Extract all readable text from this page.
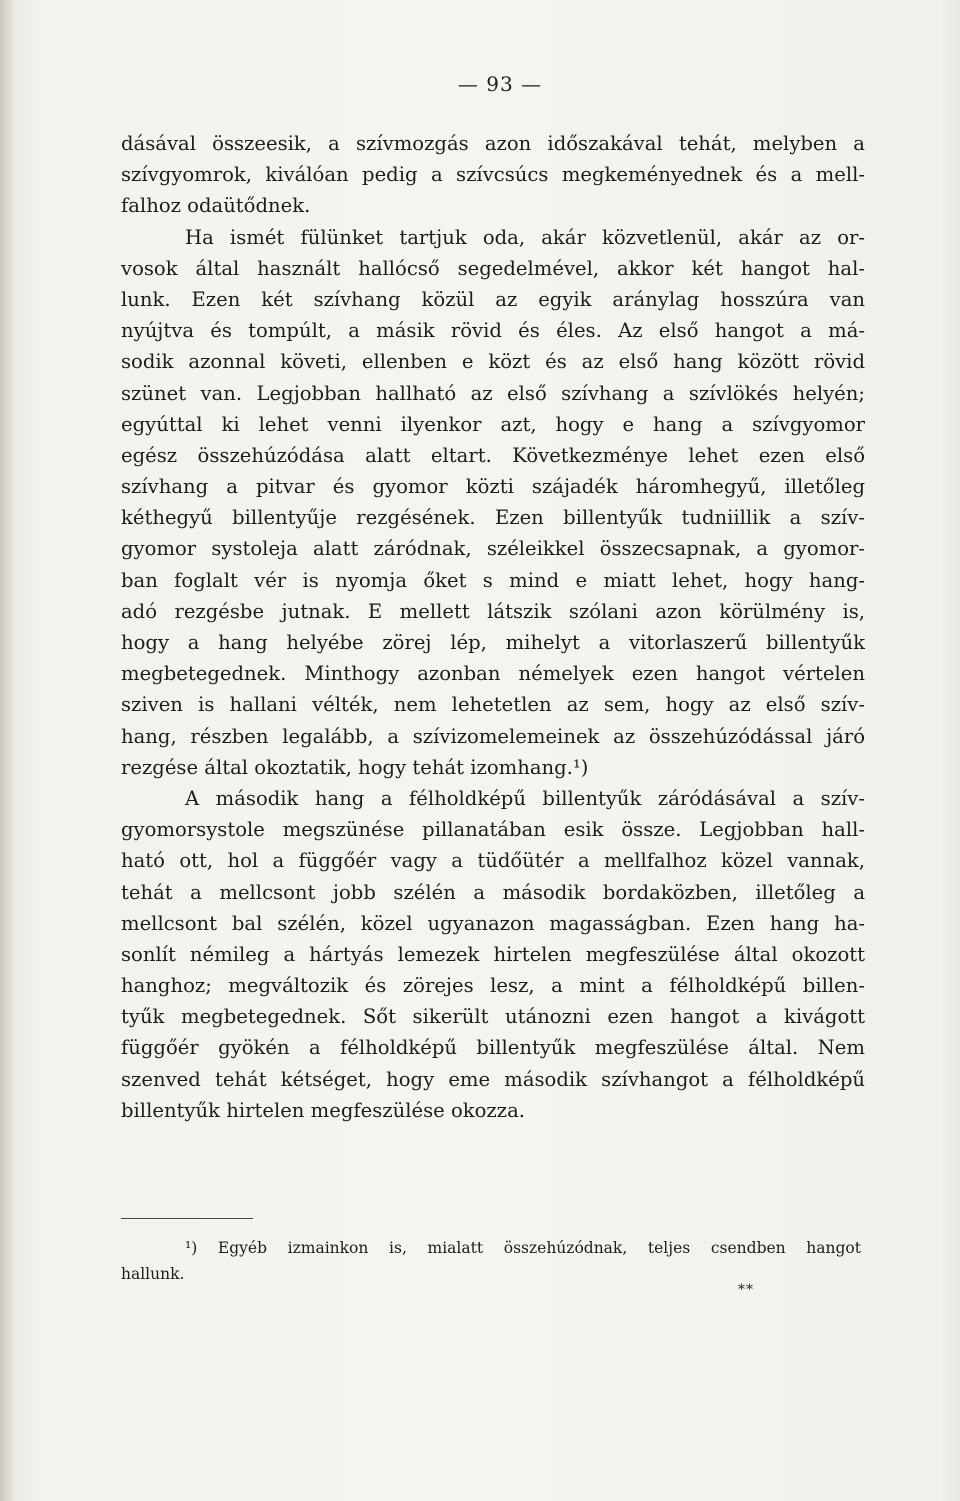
— 93 —
dásával összeesik, a szívmozgás azon időszakával tehát, melyben a
szívgyomrok, kiválóan pedig a szívcsúcs megkeményednek és a mell-
falhoz odaütődnek.
Ha ismét fülünket tartjuk oda, akár közvetlenül, akár az or-
vosok által használt hallócső segedelmével, akkor két hangot hal-
lunk. Ezen két szívhang közül az egyik aránylag hosszúra van
nyújtva és tompúlt, a másik rövid és éles. Az első hangot a má-
sodik azonnal követi, ellenben e közt és az első hang között rövid
szünet van. Legjobban hallható az első szívhang a szívlökés helyén;
egyúttal ki lehet venni ilyenkor azt, hogy e hang a szívgyomor
egész összehúzódása alatt eltart. Következménye lehet ezen első
szívhang a pitvar és gyomor közti szájadék háromhegyű, illetőleg
kéthegyű billentyűje rezgésének. Ezen billentyűk tudniillik a szív-
gyomor systoleja alatt záródnak, széleikkel összecsapnak, a gyomor-
ban foglalt vér is nyomja őket s mind e miatt lehet, hogy hang-
adó rezgésbe jutnak. E mellett látszik szólani azon körülmény is,
hogy a hang helyébe zörej lép, mihelyt a vitorlaszerű billentyűk
megbetegednek. Minthogy azonban némelyek ezen hangot vértelen
sziven is hallani vélték, nem lehetetlen az sem, hogy az első szív-
hang, részben legalább, a szívizomelemeinek az összehúzódással járó
rezgése által okoztatik, hogy tehát izomhang.¹)
A második hang a félholdképű billentyűk záródásával a szív-
gyomorsystole megszünése pillanatában esik össze. Legjobban hall-
ható ott, hol a függőér vagy a tüdőütér a mellfalhoz közel vannak,
tehát a mellcsont jobb szélén a második bordaközben, illetőleg a
mellcsont bal szélén, közel ugyanazon magasságban. Ezen hang ha-
sonlít némileg a hártyás lemezek hirtelen megfeszülése által okozott
hanghoz; megváltozik és zörejes lesz, a mint a félholdképű billen-
tyűk megbetegednek. Sőt sikerült utánozni ezen hangot a kivágott
függőér gyökén a félholdképű billentyűk megfeszülése által. Nem
szenved tehát kétséget, hogy eme második szívhangot a félholdképű
billentyűk hirtelen megfeszülése okozza.
¹) Egyéb izmainkon is, mialatt összehúzódnak, teljes csendben hangot
hallunk.
**
